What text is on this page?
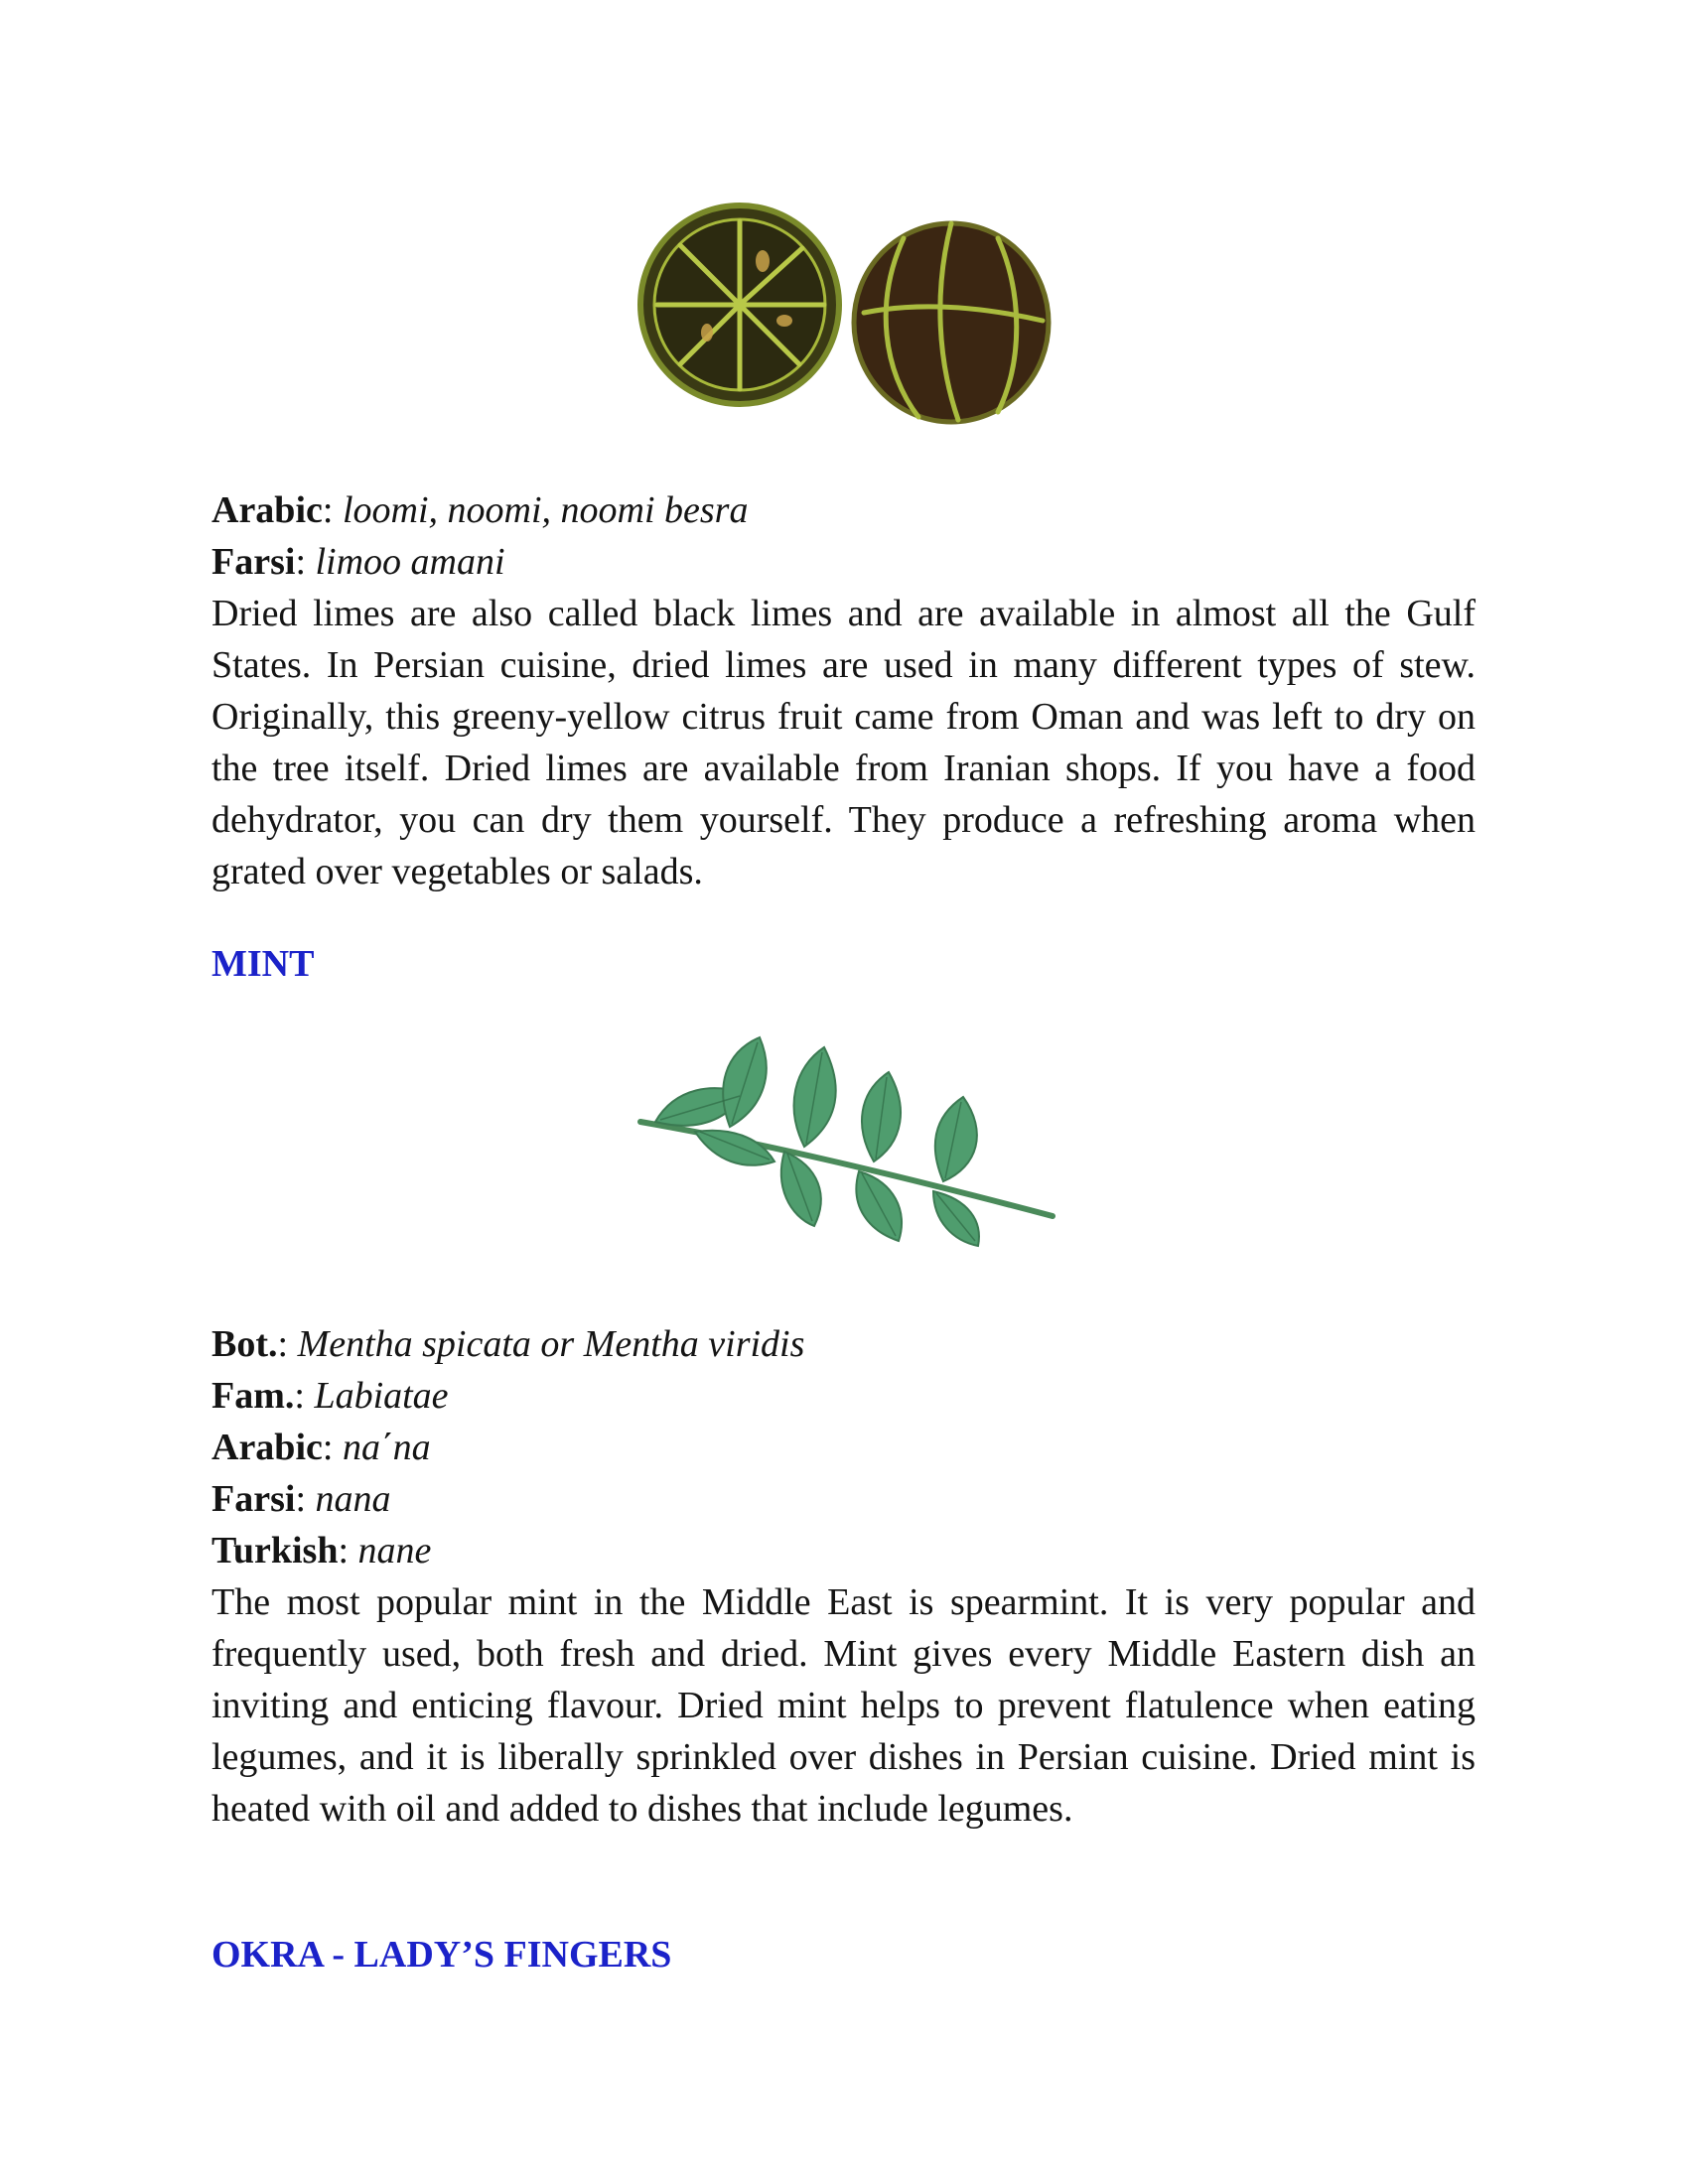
Arabic: loomi, noomi, noomi besra
Farsi: limoo amani
Dried limes are also called black limes and are available in almost all the Gulf States. In Persian cuisine, dried limes are used in many different types of stew. Originally, this greeny-yellow citrus fruit came from Oman and was left to dry on the tree itself. Dried limes are available from Iranian shops. If you have a food dehydrator, you can dry them yourself. They produce a refreshing aroma when grated over vegetables or salads.
MINT
Bot.: Mentha spicata or Mentha viridis
Fam.: Labiatae
Arabic: na΄na
Farsi: nana
Turkish: nane
The most popular mint in the Middle East is spearmint. It is very popular and frequently used, both fresh and dried. Mint gives every Middle Eastern dish an inviting and enticing flavour. Dried mint helps to prevent flatulence when eating legumes, and it is liberally sprinkled over dishes in Persian cuisine. Dried mint is heated with oil and added to dishes that include legumes.
OKRA - LADY’S FINGERS
